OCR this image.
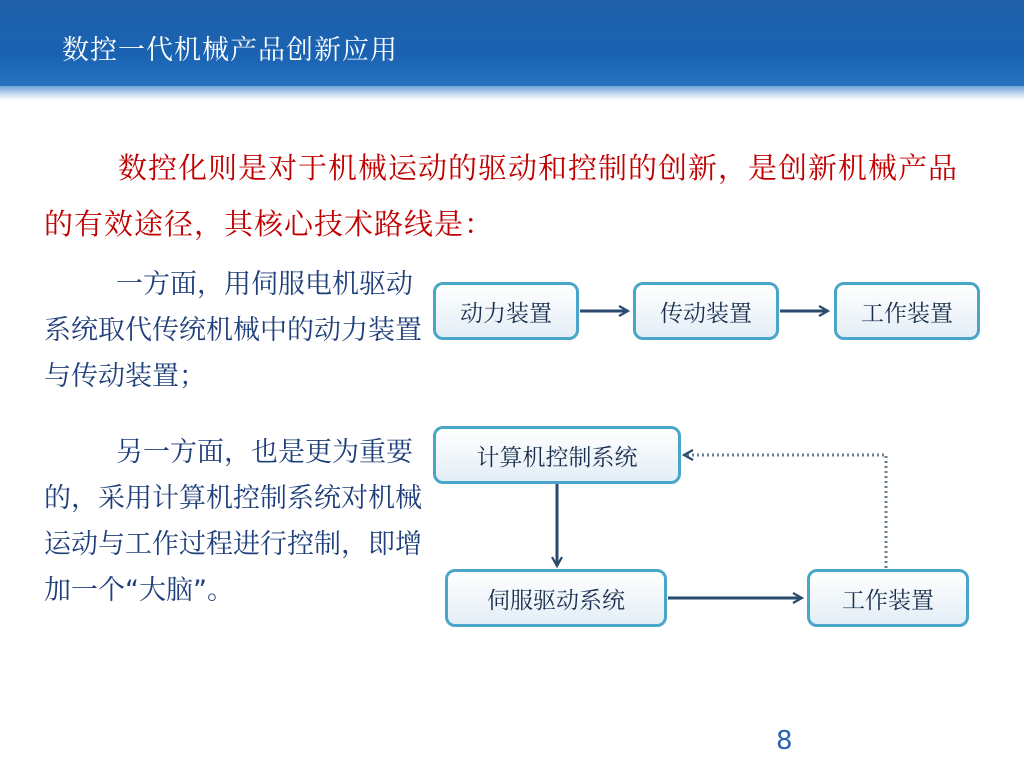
数控一代机械产品创新应用
数控化则是对于机械运动的驱动和控制的创新，是创新机械产品的有效途径，其核心技术路线是：
一方面，用伺服电机驱动系统取代传统机械中的动力装置与传动装置；
另一方面，也是更为重要的，采用计算机控制系统对机械运动与工作过程进行控制，即增加一个“大脑”。
动力装置	传动装置	工作装置
计算机控制系统
伺服驱动系统	工作装置
8
